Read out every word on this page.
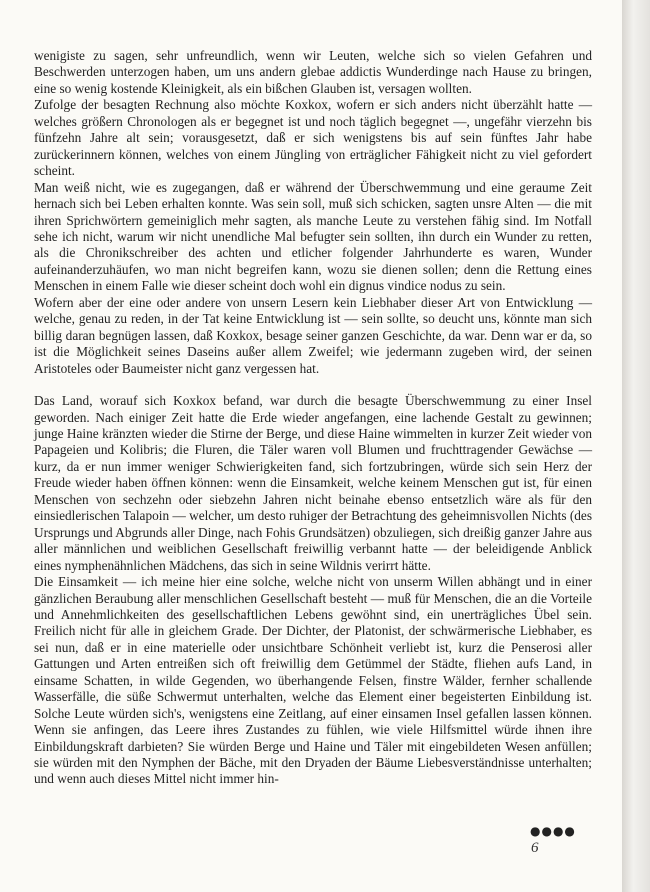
wenigiste zu sagen, sehr unfreundlich, wenn wir Leuten, welche sich so vielen Gefahren und Beschwerden unterzogen haben, um uns andern glebae addictis Wunderdinge nach Hause zu bringen, eine so wenig kostende Kleinigkeit, als ein bißchen Glauben ist, versagen wollten.

Zufolge der besagten Rechnung also möchte Koxkox, wofern er sich anders nicht überzählt hatte — welches größern Chronologen als er begegnet ist und noch täglich begegnet —, ungefähr vierzehn bis fünfzehn Jahre alt sein; vorausgesetzt, daß er sich wenigstens bis auf sein fünftes Jahr habe zurückerinnern können, welches von einem Jüngling von erträglicher Fähigkeit nicht zu viel gefordert scheint.

Man weiß nicht, wie es zugegangen, daß er während der Überschwemmung und eine geraume Zeit hernach sich bei Leben erhalten konnte. Was sein soll, muß sich schicken, sagten unsre Alten — die mit ihren Sprichwörtern gemeiniglich mehr sagten, als manche Leute zu verstehen fähig sind. Im Notfall sehe ich nicht, warum wir nicht unendliche Mal befugter sein sollten, ihn durch ein Wunder zu retten, als die Chronikschreiber des achten und etlicher folgender Jahrhunderte es waren, Wunder aufeinanderzuhäufen, wo man nicht begreifen kann, wozu sie dienen sollen; denn die Rettung eines Menschen in einem Falle wie dieser scheint doch wohl ein dignus vindice nodus zu sein.

Wofern aber der eine oder andere von unsern Lesern kein Liebhaber dieser Art von Entwicklung — welche, genau zu reden, in der Tat keine Entwicklung ist — sein sollte, so deucht uns, könnte man sich billig daran begnügen lassen, daß Koxkox, besage seiner ganzen Geschichte, da war. Denn war er da, so ist die Möglichkeit seines Daseins außer allem Zweifel; wie jedermann zugeben wird, der seinen Aristoteles oder Baumeister nicht ganz vergessen hat.

Das Land, worauf sich Koxkox befand, war durch die besagte Überschwemmung zu einer Insel geworden. Nach einiger Zeit hatte die Erde wieder angefangen, eine lachende Gestalt zu gewinnen; junge Haine kränzten wieder die Stirne der Berge, und diese Haine wimmelten in kurzer Zeit wieder von Papageien und Kolibris; die Fluren, die Täler waren voll Blumen und fruchttragender Gewächse — kurz, da er nun immer weniger Schwierigkeiten fand, sich fortzubringen, würde sich sein Herz der Freude wieder haben öffnen können: wenn die Einsamkeit, welche keinem Menschen gut ist, für einen Menschen von sechzehn oder siebzehn Jahren nicht beinahe ebenso entsetzlich wäre als für den einsiedlerischen Talapoin — welcher, um desto ruhiger der Betrachtung des geheimnisvollen Nichts (des Ursprungs und Abgrunds aller Dinge, nach Fohis Grundsätzen) obzuliegen, sich dreißig ganzer Jahre aus aller männlichen und weiblichen Gesellschaft freiwillig verbannt hatte — der beleidigende Anblick eines nymphenähnlichen Mädchens, das sich in seine Wildnis verirrt hätte.

Die Einsamkeit — ich meine hier eine solche, welche nicht von unserm Willen abhängt und in einer gänzlichen Beraubung aller menschlichen Gesellschaft besteht — muß für Menschen, die an die Vorteile und Annehmlichkeiten des gesellschaftlichen Lebens gewöhnt sind, ein unerträgliches Übel sein. Freilich nicht für alle in gleichem Grade. Der Dichter, der Platonist, der schwärmerische Liebhaber, es sei nun, daß er in eine materielle oder unsichtbare Schönheit verliebt ist, kurz die Penserosi aller Gattungen und Arten entreißen sich oft freiwillig dem Getümmel der Städte, fliehen aufs Land, in einsame Schatten, in wilde Gegenden, wo überhangende Felsen, finstre Wälder, fernher schallende Wasserfälle, die süße Schwermut unterhalten, welche das Element einer begeisterten Einbildung ist. Solche Leute würden sich's, wenigstens eine Zeitlang, auf einer einsamen Insel gefallen lassen können. Wenn sie anfingen, das Leere ihres Zustandes zu fühlen, wie viele Hilfsmittel würde ihnen ihre Einbildungskraft darbieten? Sie würden Berge und Haine und Täler mit eingebildeten Wesen anfüllen; sie würden mit den Nymphen der Bäche, mit den Dryaden der Bäume Liebesverständnisse unterhalten; und wenn auch dieses Mittel nicht immer hin-

●●●●
6
